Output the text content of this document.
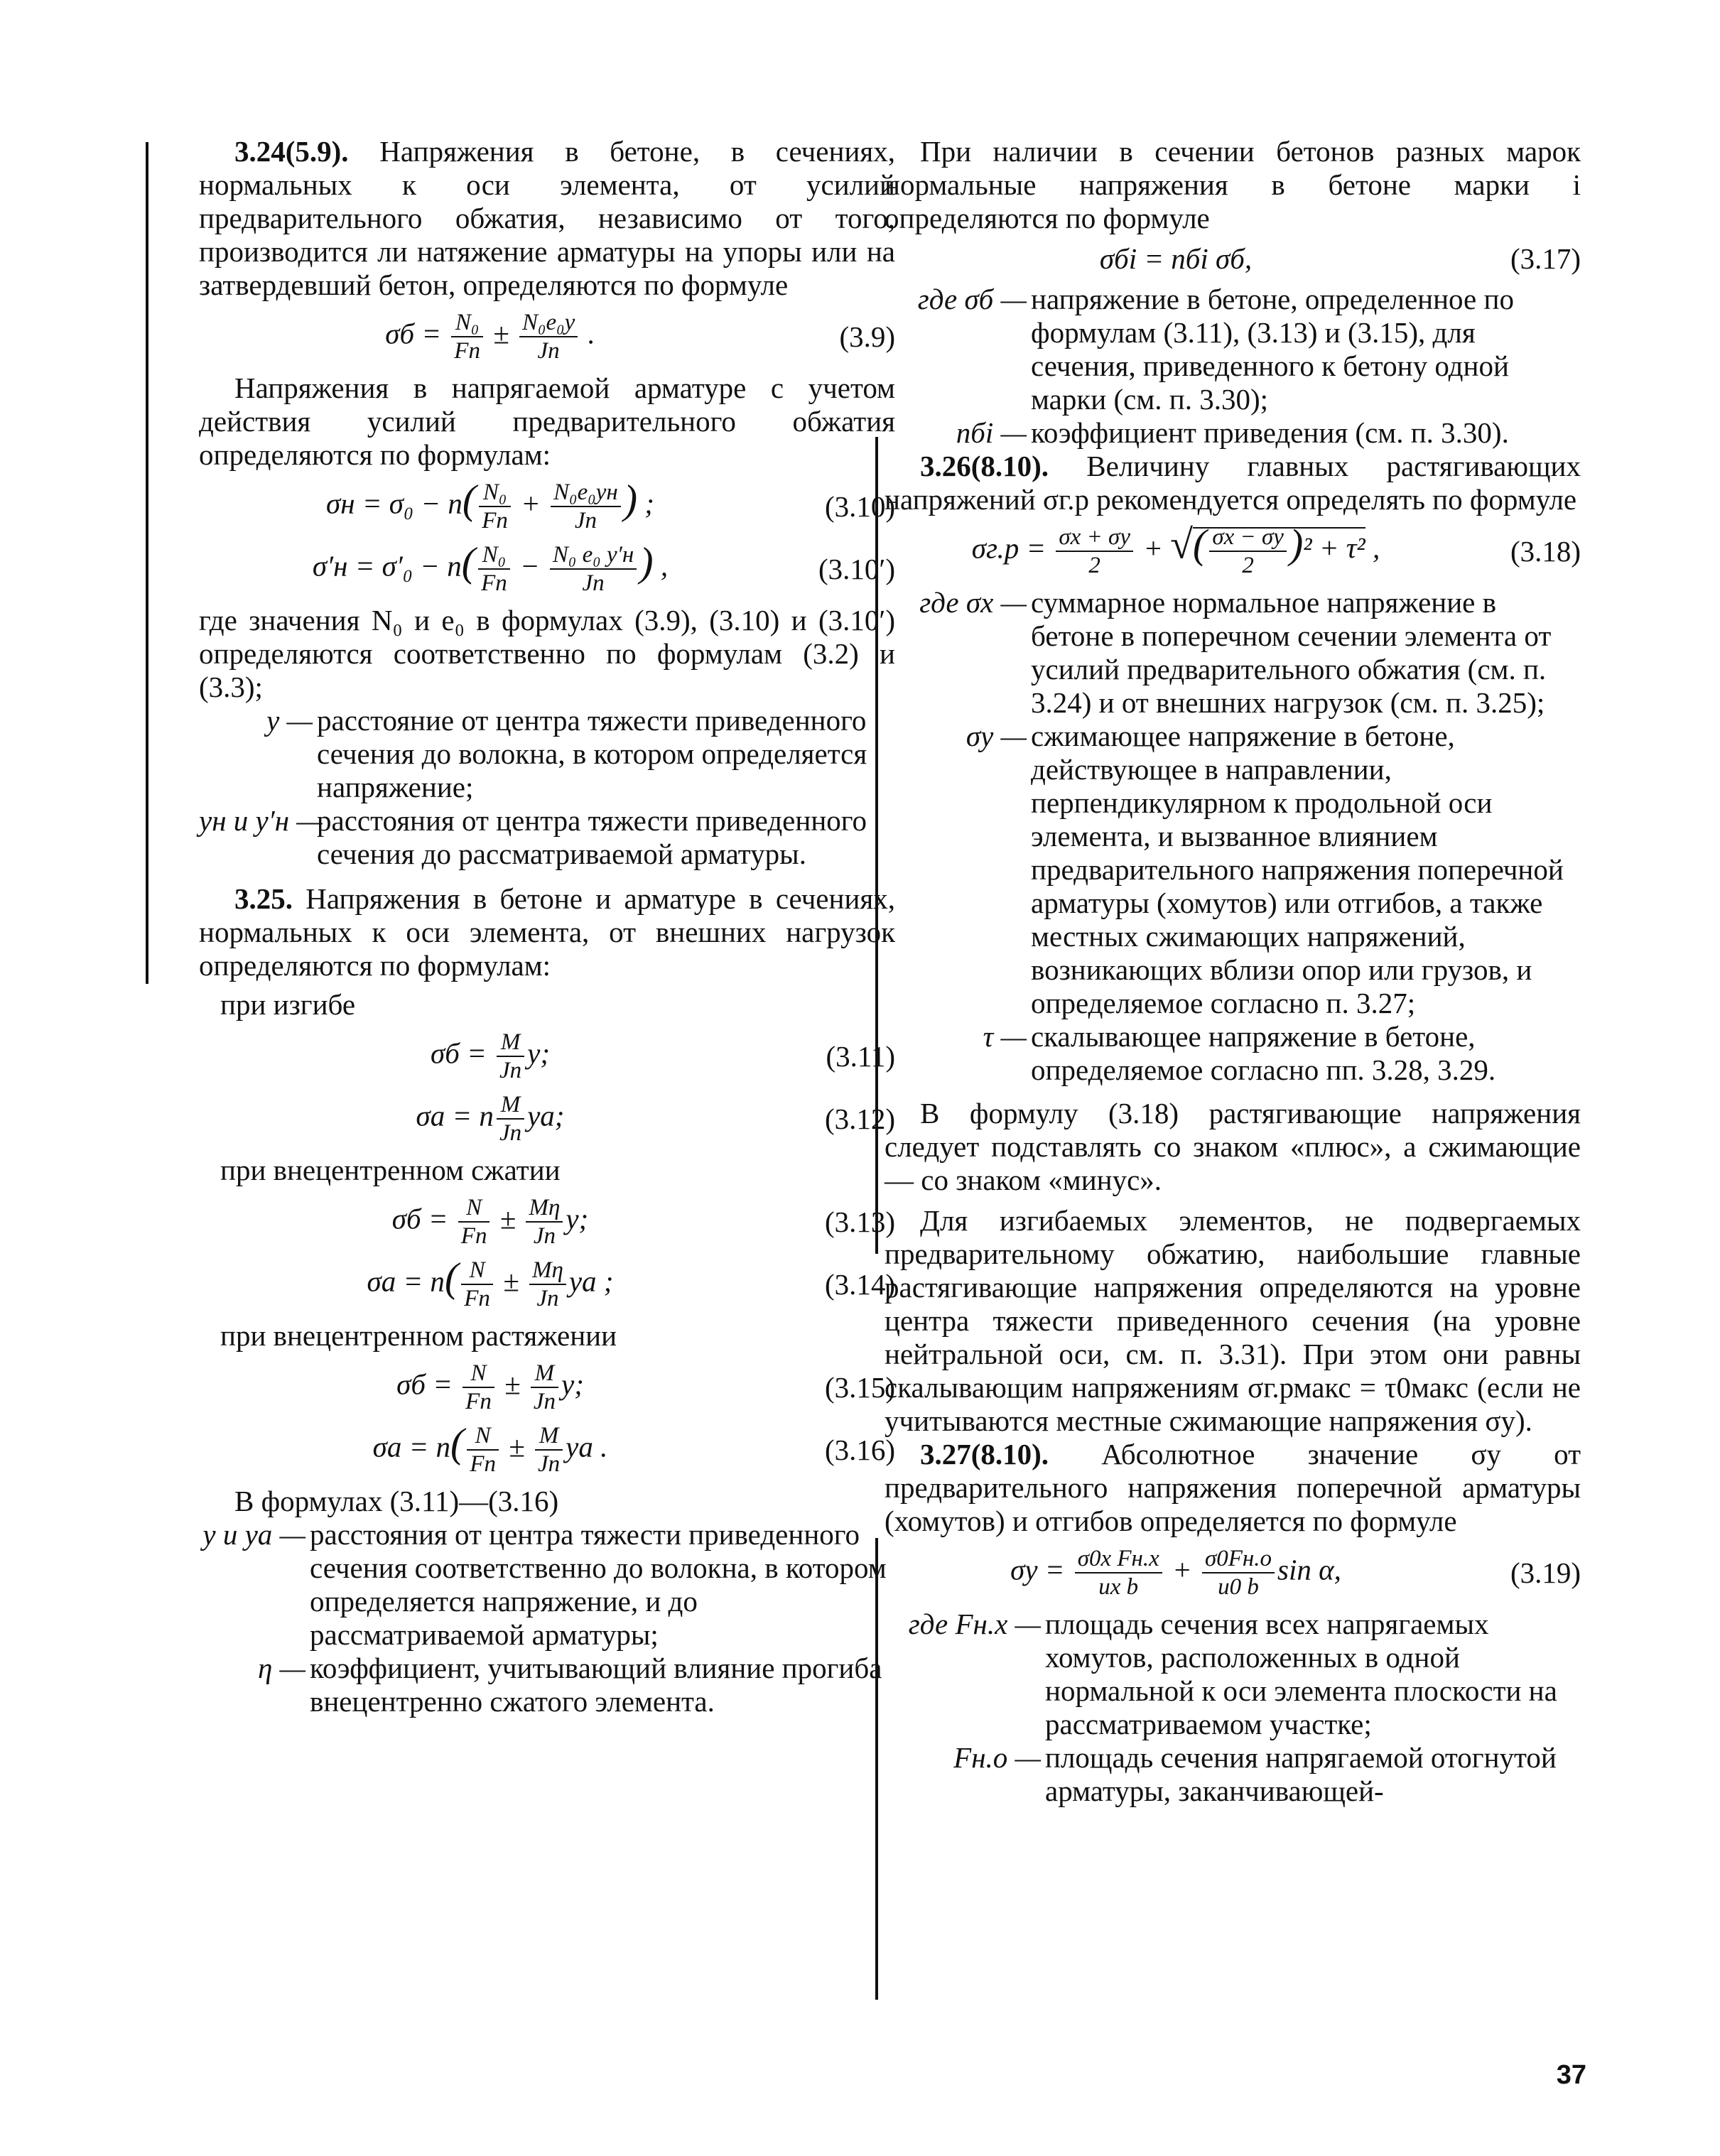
3.24(5.9). Напряжения в бетоне, в сечениях, нормальных к оси элемента, от усилий предварительного обжатия, независимо от того, производится ли натяжение арматуры на упоры или на затвердевший бетон, определяются по формуле

$\sigma б = \frac{\text{N₀}}{Fп} \pm \frac{\text{N₀e₀y}}{Jп}$ .	(3.9)

Напряжения в напрягаемой арматуре с учетом действия усилий предварительного обжатия определяются по формулам:

$\sigma н = \sigma_0 - n( \frac{\text{N₀}}{Fп} + \frac{\text{N₀e₀yн}}{Jп}$ ) ;	(3.10)
$\sigma'н = \sigma'_0 - n( \frac{\text{N₀}}{Fп} - \frac{\text{N₀ e₀ y′н}}{Jп}$ ) ,	(3.10′)

где значения N₀ и e₀ в формулах (3.9), (3.10) и (3.10′) определяются соответственно по формулам (3.2) и (3.3);

y — расстояние от центра тяжести приведенного сечения до волокна, в котором определяется напряжение;
yн и y′н —
расстояния от центра тяжести приведенного сечения до рассматриваемой арматуры.

3.25. Напряжения в бетоне и арматуре в сечениях, нормальных к оси элемента, от внешних нагрузок определяются по формулам:

при изгибе
$\sigma б = \frac{M}{Jп} y$;	(3.11)
σа = n $\frac{M}{Jп}$ yа;	(3.12)
при внецентренном сжатии
$\sigma б = \frac{N}{Fп} \pm \frac{M\eta}{Jп} y$;	(3.13)
$\sigma а = n( \frac{N}{Fп} \pm \frac{M\eta}{Jп}$ yа ;	(3.14)
при внецентренном растяжении
$\sigma б = \frac{N}{Fп} \pm \frac{M}{Jп} y$;	(3.15)
$\sigma а = n( \frac{N}{Fп} \pm \frac{M}{Jп}$ yа .	(3.16)

В формулах (3.11)—(3.16)

y и yа — расстояния от центра тяжести приведенного сечения соответственно до волокна, в котором определяется напряжение, и до рассматриваемой арматуры;
η — коэффициент, учитывающий влияние прогиба внецентренно сжатого элемента.

При наличии в сечении бетонов разных марок нормальные напряжения в бетоне марки i определяются по формуле

σбi = nбi σб,	(3.17)
где σб — напряжение в бетоне, определенное по формулам (3.11), (3.13) и (3.15), для сечения, приведенного к бетону одной марки (см. п. 3.30);
nбi — коэффициент приведения (см. п. 3.30).

3.26(8.10). Величину главных растягивающих напряжений σг.р рекомендуется определять по формуле

$\sigma г.р = \frac{\sigma x + \sigma y}{2}$ + √( $\frac{\sigma x - \sigma y}{2} )^2 + \tau^2$ ,	(3.18)
где σx — суммарное нормальное напряжение в бетоне в поперечном сечении элемента от усилий предварительного обжатия (см. п. 3.24) и от внешних нагрузок (см. п. 3.25);
σy — сжимающее напряжение в бетоне, действующее в направлении, перпендикулярном к продольной оси элемента, и вызванное влиянием предварительного напряжения поперечной арматуры (хомутов) или отгибов, а также местных сжимающих напряжений, возникающих вблизи опор или грузов, и определяемое согласно п. 3.27;
τ — скалывающее напряжение в бетоне, определяемое согласно пп. 3.28, 3.29.

В формулу (3.18) растягивающие напряжения следует подставлять со знаком «плюс», а сжимающие — со знаком «минус».

Для изгибаемых элементов, не подвергаемых предварительному обжатию, наибольшие главные растягивающие напряжения определяются на уровне центра тяжести приведенного сечения (на уровне нейтральной оси, см. п. 3.31). При этом они равны скалывающим напряжениям σг.рмакс = τ0макс (если не учитываются местные сжимающие напряжения σy).

3.27(8.10). Абсолютное значение σy от предварительного напряжения поперечной арматуры (хомутов) и отгибов определяется по формуле

$\sigma y = \frac{\text{σ0x Fн.x}}{\text{ux b}} + \frac{\sigma 0Fн.o}{u0 b}$ sin α,	(3.19)
где Fн.x — площадь сечения всех напрягаемых хомутов, расположенных в одной нормальной к оси элемента плоскости на рассматриваемом участке;
Fн.o — площадь сечения напрягаемой отогнутой арматуры, заканчивающей-
37
